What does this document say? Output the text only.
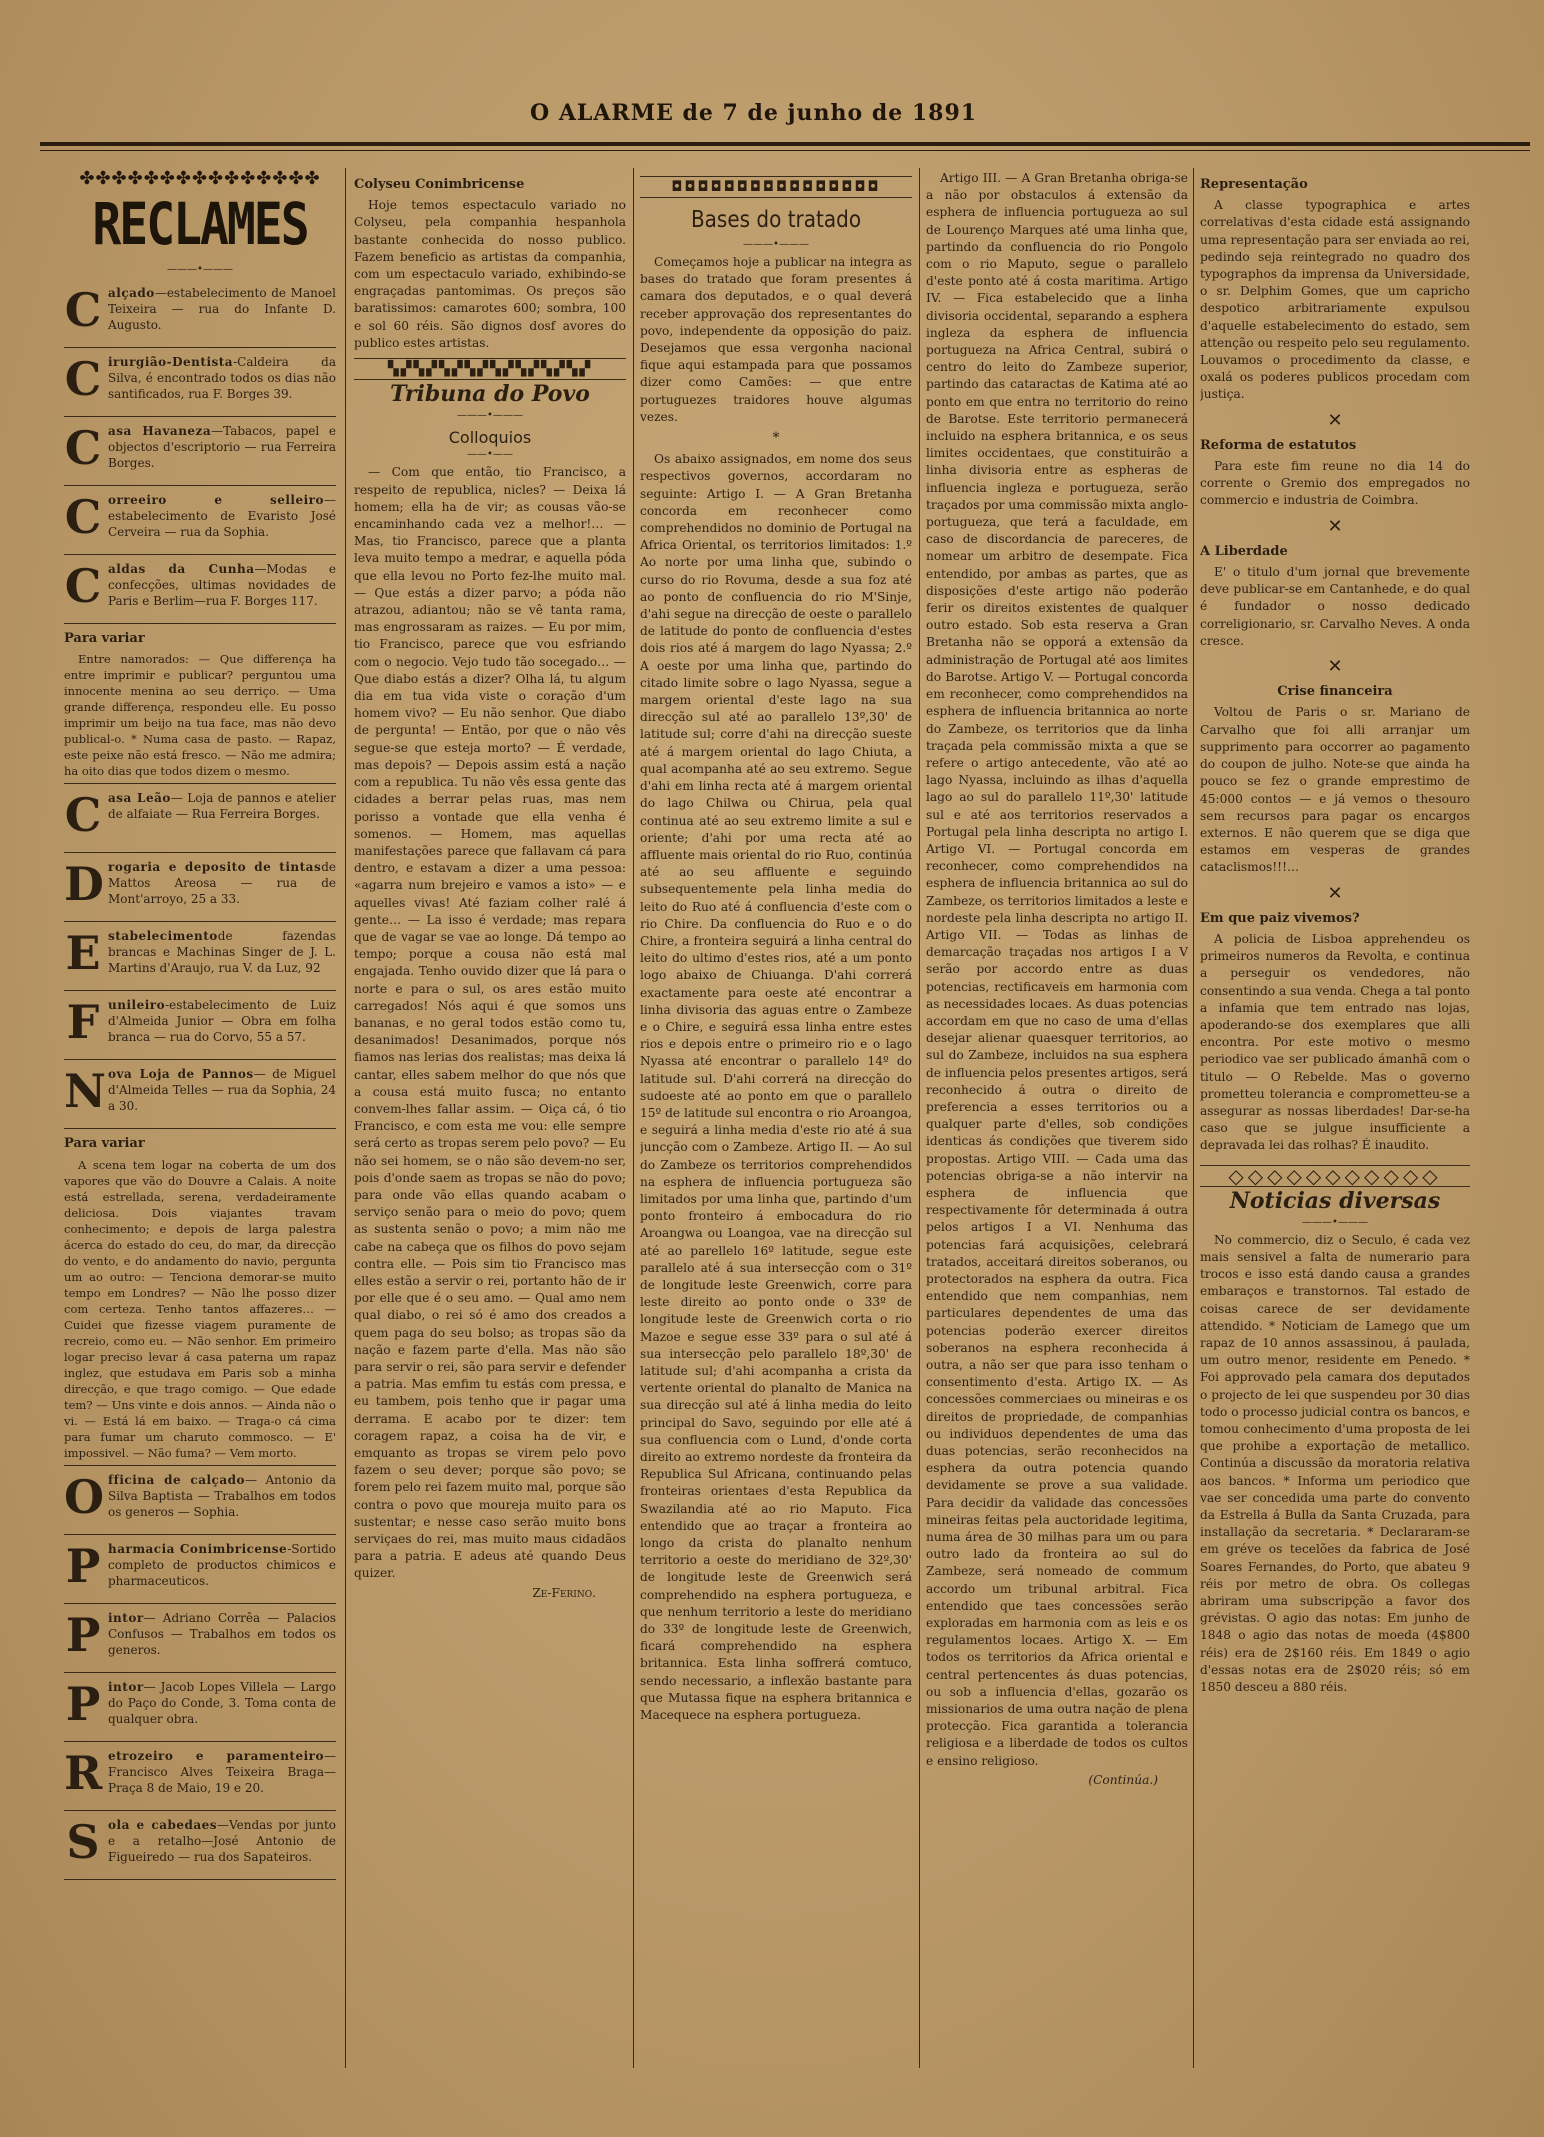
O ALARME de 7 de junho de 1891
✤✤✤✤✤✤✤✤✤✤✤✤✤✤✤
RECLAMES
———•———
C alçado—estabelecimento de Manoel Teixeira — rua do Infante D. Augusto.
C irurgião-Dentista-Caldeira da Silva, é encontrado todos os dias não santificados, rua F. Borges 39.
C asa Havaneza—Tabacos, papel e objectos d'escriptorio — rua Ferreira Borges.
C orreeiro e selleiro— estabelecimento de Evaristo José Cerveira — rua da Sophia.
C aldas da Cunha—Modas e confecções, ultimas novidades de Paris e Berlim—rua F. Borges 117.
Para variar

Entre namorados: — Que differença ha entre imprimir e publicar? perguntou uma innocente menina ao seu derriço. — Uma grande differença, respondeu elle. Eu posso imprimir um beijo na tua face, mas não devo publical-o. * Numa casa de pasto. — Rapaz, este peixe não está fresco. — Não me admira; ha oito dias que todos dizem o mesmo.

C asa Leão— Loja de pannos e atelier de alfaiate — Rua Ferreira Borges.
D rogaria e deposito de tintasde Mattos Areosa — rua de Mont'arroyo, 25 a 33.
E stabelecimentode fazendas brancas e Machinas Singer de J. L. Martins d'Araujo, rua V. da Luz, 92
F unileiro-estabelecimento de Luiz d'Almeida Junior — Obra em folha branca — rua do Corvo, 55 a 57.
N ova Loja de Pannos— de Miguel d'Almeida Telles — rua da Sophia, 24 a 30.
Para variar

A scena tem logar na coberta de um dos vapores que vão do Douvre a Calais. A noite está estrellada, serena, verdadeiramente deliciosa. Dois viajantes travam conhecimento; e depois de larga palestra ácerca do estado do ceu, do mar, da direcção do vento, e do andamento do navio, pergunta um ao outro: — Tenciona demorar-se muito tempo em Londres? — Não lhe posso dizer com certeza. Tenho tantos affazeres… — Cuidei que fizesse viagem puramente de recreio, como eu. — Não senhor. Em primeiro logar preciso levar á casa paterna um rapaz inglez, que estudava em Paris sob a minha direcção, e que trago comigo. — Que edade tem? — Uns vinte e dois annos. — Ainda não o vi. — Está lá em baixo. — Traga-o cá cima para fumar um charuto commosco. — E' impossivel. — Não fuma? — Vem morto.

O fficina de calçado— Antonio da Silva Baptista — Trabalhos em todos os generos — Sophia.
P harmacia Conimbricense-Sortido completo de productos chimicos e pharmaceuticos.
P intor— Adriano Corrêa — Palacios Confusos — Trabalhos em todos os generos.
P intor— Jacob Lopes Villela — Largo do Paço do Conde, 3. Toma conta de qualquer obra.
R etrozeiro e paramenteiro— Francisco Alves Teixeira Braga—Praça 8 de Maio, 19 e 20.
S ola e cabedaes—Vendas por junto e a retalho—José Antonio de Figueiredo — rua dos Sapateiros.
Colyseu Conimbricense

Hoje temos espectaculo variado no Colyseu, pela companhia hespanhola bastante conhecida do nosso publico. Fazem beneficio as artistas da companhia, com um espectaculo variado, exhibindo-se engraçadas pantomimas. Os preços são baratissimos: camarotes 600; sombra, 100 e sol 60 réis. São dignos dosf avores do publico estes artistas.

▚▞▚▞▚▞▚▞▚▞▚▞▚▞▚▞
Tribuna do Povo
———•———
Colloquios
——•——

— Com que então, tio Francisco, a respeito de republica, nicles? — Deixa lá homem; ella ha de vir; as cousas vão-se encaminhando cada vez a melhor!… — Mas, tio Francisco, parece que a planta leva muito tempo a medrar, e aquella póda que ella levou no Porto fez-lhe muito mal. — Que estás a dizer parvo; a póda não atrazou, adiantou; não se vê tanta rama, mas engrossaram as raizes. — Eu por mim, tio Francisco, parece que vou esfriando com o negocio. Vejo tudo tão socegado… — Que diabo estás a dizer? Olha lá, tu algum dia em tua vida viste o coração d'um homem vivo? — Eu não senhor. Que diabo de pergunta! — Então, por que o não vês segue-se que esteja morto? — É verdade, mas depois? — Depois assim está a nação com a republica. Tu não vês essa gente das cidades a berrar pelas ruas, mas nem porisso a vontade que ella venha é somenos. — Homem, mas aquellas manifestações parece que fallavam cá para dentro, e estavam a dizer a uma pessoa: «agarra num brejeiro e vamos a isto» — e aquelles vivas! Até faziam colher ralé á gente… — La isso é verdade; mas repara que de vagar se vae ao longe. Dá tempo ao tempo; porque a cousa não está mal engajada. Tenho ouvido dizer que lá para o norte e para o sul, os ares estão muito carregados! Nós aqui é que somos uns bananas, e no geral todos estão como tu, desanimados! Desanimados, porque nós fiamos nas lerias dos realistas; mas deixa lá cantar, elles sabem melhor do que nós que a cousa está muito fusca; no entanto convem-lhes fallar assim. — Oiça cá, ó tio Francisco, e com esta me vou: elle sempre será certo as tropas serem pelo povo? — Eu não sei homem, se o não são devem-no ser, pois d'onde saem as tropas se não do povo; para onde vão ellas quando acabam o serviço senão para o meio do povo; quem as sustenta senão o povo; a mim não me cabe na cabeça que os filhos do povo sejam contra elle. — Pois sim tio Francisco mas elles estão a servir o rei, portanto hão de ir por elle que é o seu amo. — Qual amo nem qual diabo, o rei só é amo dos creados a quem paga do seu bolso; as tropas são da nação e fazem parte d'ella. Mas não são para servir o rei, são para servir e defender a patria. Mas emfim tu estás com pressa, e eu tambem, pois tenho que ir pagar uma derrama. E acabo por te dizer: tem coragem rapaz, a coisa ha de vir, e emquanto as tropas se virem pelo povo fazem o seu dever; porque são povo; se forem pelo rei fazem muito mal, porque são contra o povo que moureja muito para os sustentar; e nesse caso serão muito bons serviçaes do rei, mas muito maus cidadãos para a patria. E adeus até quando Deus quizer.

Ze-Ferino.
◘◘◘◘◘◘◘◘◘◘◘◘◘◘◘◘
Bases do tratado
———•———

Começamos hoje a publicar na integra as bases do tratado que foram presentes á camara dos deputados, e o qual deverá receber approvação dos representantes do povo, independente da opposição do paiz. Desejamos que essa vergonha nacional fique aqui estampada para que possamos dizer como Camões: — que entre portuguezes traidores houve algumas vezes.

*

Os abaixo assignados, em nome dos seus respectivos governos, accordaram no seguinte: Artigo I. — A Gran Bretanha concorda em reconhecer como comprehendidos no dominio de Portugal na Africa Oriental, os territorios limitados: 1.º Ao norte por uma linha que, subindo o curso do rio Rovuma, desde a sua foz até ao ponto de confluencia do rio M'Sinje, d'ahi segue na direcção de oeste o parallelo de latitude do ponto de confluencia d'estes dois rios até á margem do lago Nyassa; 2.º A oeste por uma linha que, partindo do citado limite sobre o lago Nyassa, segue a margem oriental d'este lago na sua direcção sul até ao parallelo 13º,30' de latitude sul; corre d'ahi na direcção sueste até á margem oriental do lago Chiuta, a qual acompanha até ao seu extremo. Segue d'ahi em linha recta até á margem oriental do lago Chilwa ou Chirua, pela qual continua até ao seu extremo limite a sul e oriente; d'ahi por uma recta até ao affluente mais oriental do rio Ruo, continúa até ao seu affluente e seguindo subsequentemente pela linha media do leito do Ruo até á confluencia d'este com o rio Chire. Da confluencia do Ruo e o do Chire, a fronteira seguirá a linha central do leito do ultimo d'estes rios, até a um ponto logo abaixo de Chiuanga. D'ahi correrá exactamente para oeste até encontrar a linha divisoria das aguas entre o Zambeze e o Chire, e seguirá essa linha entre estes rios e depois entre o primeiro rio e o lago Nyassa até encontrar o parallelo 14º do latitude sul. D'ahi correrá na direcção do sudoeste até ao ponto em que o parallelo 15º de latitude sul encontra o rio Aroangoa, e seguirá a linha media d'este rio até á sua juncção com o Zambeze. Artigo II. — Ao sul do Zambeze os territorios comprehendidos na esphera de influencia portugueza são limitados por uma linha que, partindo d'um ponto fronteiro á embocadura do rio Aroangwa ou Loangoa, vae na direcção sul até ao parellelo 16º latitude, segue este parallelo até á sua intersecção com o 31º de longitude leste Greenwich, corre para leste direito ao ponto onde o 33º de longitude leste de Greenwich corta o rio Mazoe e segue esse 33º para o sul até á sua intersecção pelo parallelo 18º,30' de latitude sul; d'ahi acompanha a crista da vertente oriental do planalto de Manica na sua direcção sul até á linha media do leito principal do Savo, seguindo por elle até á sua confluencia com o Lund, d'onde corta direito ao extremo nordeste da fronteira da Republica Sul Africana, continuando pelas fronteiras orientaes d'esta Republica da Swazilandia até ao rio Maputo. Fica entendido que ao traçar a fronteira ao longo da crista do planalto nenhum territorio a oeste do meridiano de 32º,30' de longitude leste de Greenwich será comprehendido na esphera portugueza, e que nenhum territorio a leste do meridiano do 33º de longitude leste de Greenwich, ficará comprehendido na esphera britannica. Esta linha soffrerá comtuco, sendo necessario, a inflexão bastante para que Mutassa fique na esphera britannica e Macequece na esphera portugueza.

Artigo III. — A Gran Bretanha obriga-se a não por obstaculos á extensão da esphera de influencia portugueza ao sul de Lourenço Marques até uma linha que, partindo da confluencia do rio Pongolo com o rio Maputo, segue o parallelo d'este ponto até á costa maritima. Artigo IV. — Fica estabelecido que a linha divisoria occidental, separando a esphera ingleza da esphera de influencia portugueza na Africa Central, subirá o centro do leito do Zambeze superior, partindo das cataractas de Katima até ao ponto em que entra no territorio do reino de Barotse. Este territorio permanecerá incluido na esphera britannica, e os seus limites occidentaes, que constituirão a linha divisoria entre as espheras de influencia ingleza e portugueza, serão traçados por uma commissão mixta anglo-portugueza, que terá a faculdade, em caso de discordancia de pareceres, de nomear um arbitro de desempate. Fica entendido, por ambas as partes, que as disposições d'este artigo não poderão ferir os direitos existentes de qualquer outro estado. Sob esta reserva a Gran Bretanha não se opporá a extensão da administração de Portugal até aos limites do Barotse. Artigo V. — Portugal concorda em reconhecer, como comprehendidos na esphera de influencia britannica ao norte do Zambeze, os territorios que da linha traçada pela commissão mixta a que se refere o artigo antecedente, vão até ao lago Nyassa, incluindo as ilhas d'aquella lago ao sul do parallelo 11º,30' latitude sul e até aos territorios reservados a Portugal pela linha descripta no artigo I. Artigo VI. — Portugal concorda em reconhecer, como comprehendidos na esphera de influencia britannica ao sul do Zambeze, os territorios limitados a leste e nordeste pela linha descripta no artigo II. Artigo VII. — Todas as linhas de demarcação traçadas nos artigos I a V serão por accordo entre as duas potencias, rectificaveis em harmonia com as necessidades locaes. As duas potencias accordam em que no caso de uma d'ellas desejar alienar quaesquer territorios, ao sul do Zambeze, incluidos na sua esphera de influencia pelos presentes artigos, será reconhecido á outra o direito de preferencia a esses territorios ou a qualquer parte d'elles, sob condições identicas ás condições que tiverem sido propostas. Artigo VIII. — Cada uma das potencias obriga-se a não intervir na esphera de influencia que respectivamente fôr determinada á outra pelos artigos I a VI. Nenhuma das potencias fará acquisições, celebrará tratados, acceitará direitos soberanos, ou protectorados na esphera da outra. Fica entendido que nem companhias, nem particulares dependentes de uma das potencias poderão exercer direitos soberanos na esphera reconhecida á outra, a não ser que para isso tenham o consentimento d'esta. Artigo IX. — As concessões commerciaes ou mineiras e os direitos de propriedade, de companhias ou individuos dependentes de uma das duas potencias, serão reconhecidos na esphera da outra potencia quando devidamente se prove a sua validade. Para decidir da validade das concessões mineiras feitas pela auctoridade legitima, numa área de 30 milhas para um ou para outro lado da fronteira ao sul do Zambeze, será nomeado de commum accordo um tribunal arbitral. Fica entendido que taes concessões serão exploradas em harmonia com as leis e os regulamentos locaes. Artigo X. — Em todos os territorios da Africa oriental e central pertencentes ás duas potencias, ou sob a influencia d'ellas, gozarão os missionarios de uma outra nação de plena protecção. Fica garantida a tolerancia religiosa e a liberdade de todos os cultos e ensino religioso.

(Continúa.)
Representação

A classe typographica e artes correlativas d'esta cidade está assignando uma representação para ser enviada ao rei, pedindo seja reintegrado no quadro dos typographos da imprensa da Universidade, o sr. Delphim Gomes, que um capricho despotico arbitrariamente expulsou d'aquelle estabelecimento do estado, sem attenção ou respeito pelo seu regulamento. Louvamos o procedimento da classe, e oxalá os poderes publicos procedam com justiça.

✕
Reforma de estatutos

Para este fim reune no dia 14 do corrente o Gremio dos empregados no commercio e industria de Coimbra.

✕
A Liberdade

E' o titulo d'um jornal que brevemente deve publicar-se em Cantanhede, e do qual é fundador o nosso dedicado correligionario, sr. Carvalho Neves. A onda cresce.

✕
Crise financeira

Voltou de Paris o sr. Mariano de Carvalho que foi alli arranjar um supprimento para occorrer ao pagamento do coupon de julho. Note-se que ainda ha pouco se fez o grande emprestimo de 45:000 contos — e já vemos o thesouro sem recursos para pagar os encargos externos. E não querem que se diga que estamos em vesperas de grandes cataclismos!!!…

✕
Em que paiz vivemos?

A policia de Lisboa apprehendeu os primeiros numeros da Revolta, e continua a perseguir os vendedores, não consentindo a sua venda. Chega a tal ponto a infamia que tem entrado nas lojas, apoderando-se dos exemplares que alli encontra. Por este motivo o mesmo periodico vae ser publicado ámanhã com o titulo — O Rebelde. Mas o governo prometteu tolerancia e comprometteu-se a assegurar as nossas liberdades! Dar-se-ha caso que se julgue insufficiente a depravada lei das rolhas? É inaudito.

◇◇◇◇◇◇◇◇◇◇◇
Noticias diversas
———•———

No commercio, diz o Seculo, é cada vez mais sensivel a falta de numerario para trocos e isso está dando causa a grandes embaraços e transtornos. Tal estado de coisas carece de ser devidamente attendido. * Noticiam de Lamego que um rapaz de 10 annos assassinou, á paulada, um outro menor, residente em Penedo. * Foi approvado pela camara dos deputados o projecto de lei que suspendeu por 30 dias todo o processo judicial contra os bancos, e tomou conhecimento d'uma proposta de lei que prohibe a exportação de metallico. Continúa a discussão da moratoria relativa aos bancos. * Informa um periodico que vae ser concedida uma parte do convento da Estrella á Bulla da Santa Cruzada, para installação da secretaria. * Declararam-se em gréve os tecelões da fabrica de José Soares Fernandes, do Porto, que abateu 9 réis por metro de obra. Os collegas abriram uma subscripção a favor dos grévistas. O agio das notas: Em junho de 1848 o agio das notas de moeda (4$800 réis) era de 2$160 réis. Em 1849 o agio d'essas notas era de 2$020 réis; só em 1850 desceu a 880 réis.
